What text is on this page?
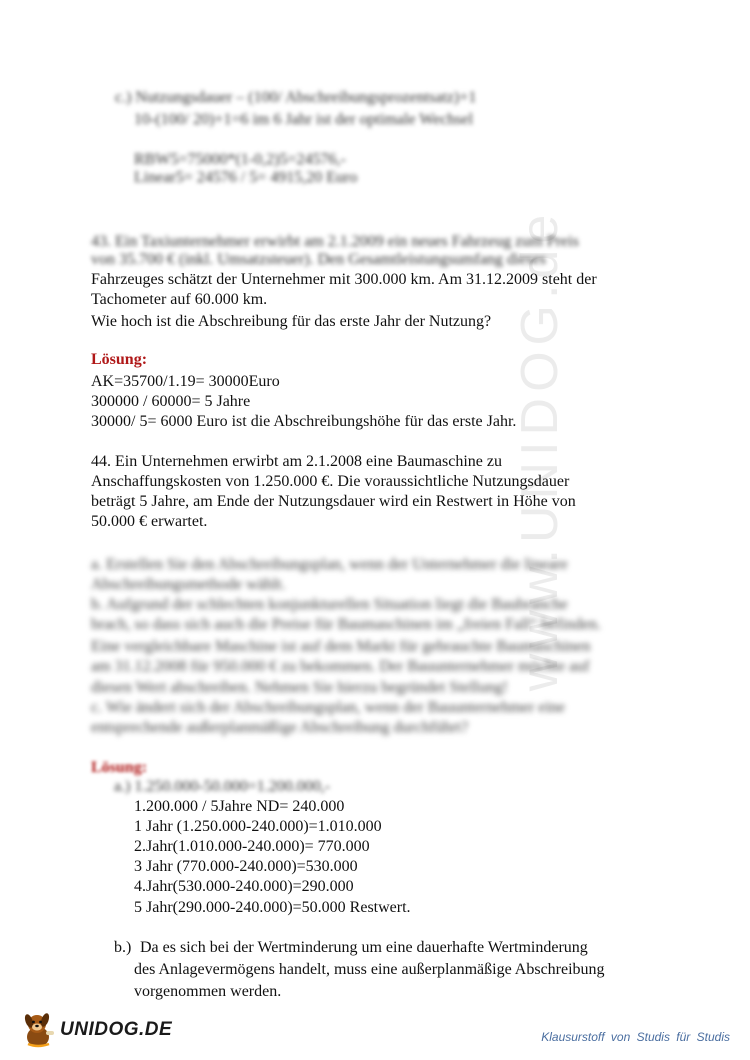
www.UNIDOG.de
c.) Nutzungsdauer – (100/ Abschreibungsprozentsatz)+1
10-(100/ 20)+1=6 im 6 Jahr ist der optimale Wechsel
RBW5=75000*(1-0,2)5=24576,-
Linear5= 24576 / 5= 4915,20 Euro
43. Ein Taxiunternehmer erwirbt am 2.1.2009 ein neues Fahrzeug zum Preis
von 35.700 € (inkl. Umsatzsteuer). Den Gesamtleistungsumfang dieses
Fahrzeuges schätzt der Unternehmer mit 300.000 km. Am 31.12.2009 steht der
Tachometer auf 60.000 km.
Wie hoch ist die Abschreibung für das erste Jahr der Nutzung?
Lösung:
AK=35700/1.19= 30000Euro
300000 / 60000= 5 Jahre
30000/ 5= 6000 Euro ist die Abschreibungshöhe für das erste Jahr.
44. Ein Unternehmen erwirbt am 2.1.2008 eine Baumaschine zu
Anschaffungskosten von 1.250.000 €. Die voraussichtliche Nutzungsdauer
beträgt 5 Jahre, am Ende der Nutzungsdauer wird ein Restwert in Höhe von
50.000 € erwartet.
a. Erstellen Sie den Abschreibungsplan, wenn der Unternehmer die lineare
Abschreibungsmethode wählt.
b. Aufgrund der schlechten konjunkturellen Situation liegt die Baubranche
brach, so dass sich auch die Preise für Baumaschinen im „freien Fall“ befinden.
Eine vergleichbare Maschine ist auf dem Markt für gebrauchte Baumaschinen
am 31.12.2008 für 950.000 € zu bekommen. Der Bauunternehmer möchte auf
diesen Wert abschreiben. Nehmen Sie hierzu begründet Stellung!
c. Wie ändert sich der Abschreibungsplan, wenn der Bauunternehmer eine
entsprechende außerplanmäßige Abschreibung durchführt?
Lösung:
a.) 1.250.000-50.000=1.200.000,-
1.200.000 / 5Jahre ND= 240.000
1 Jahr (1.250.000-240.000)=1.010.000
2.Jahr(1.010.000-240.000)= 770.000
3 Jahr (770.000-240.000)=530.000
4.Jahr(530.000-240.000)=290.000
5 Jahr(290.000-240.000)=50.000 Restwert.
b.) Da es sich bei der Wertminderung um eine dauerhafte Wertminderung
des Anlagevermögens handelt, muss eine außerplanmäßige Abschreibung
vorgenommen werden.
UNIDOG.DE	Klausurstoff von Studis für Studis
